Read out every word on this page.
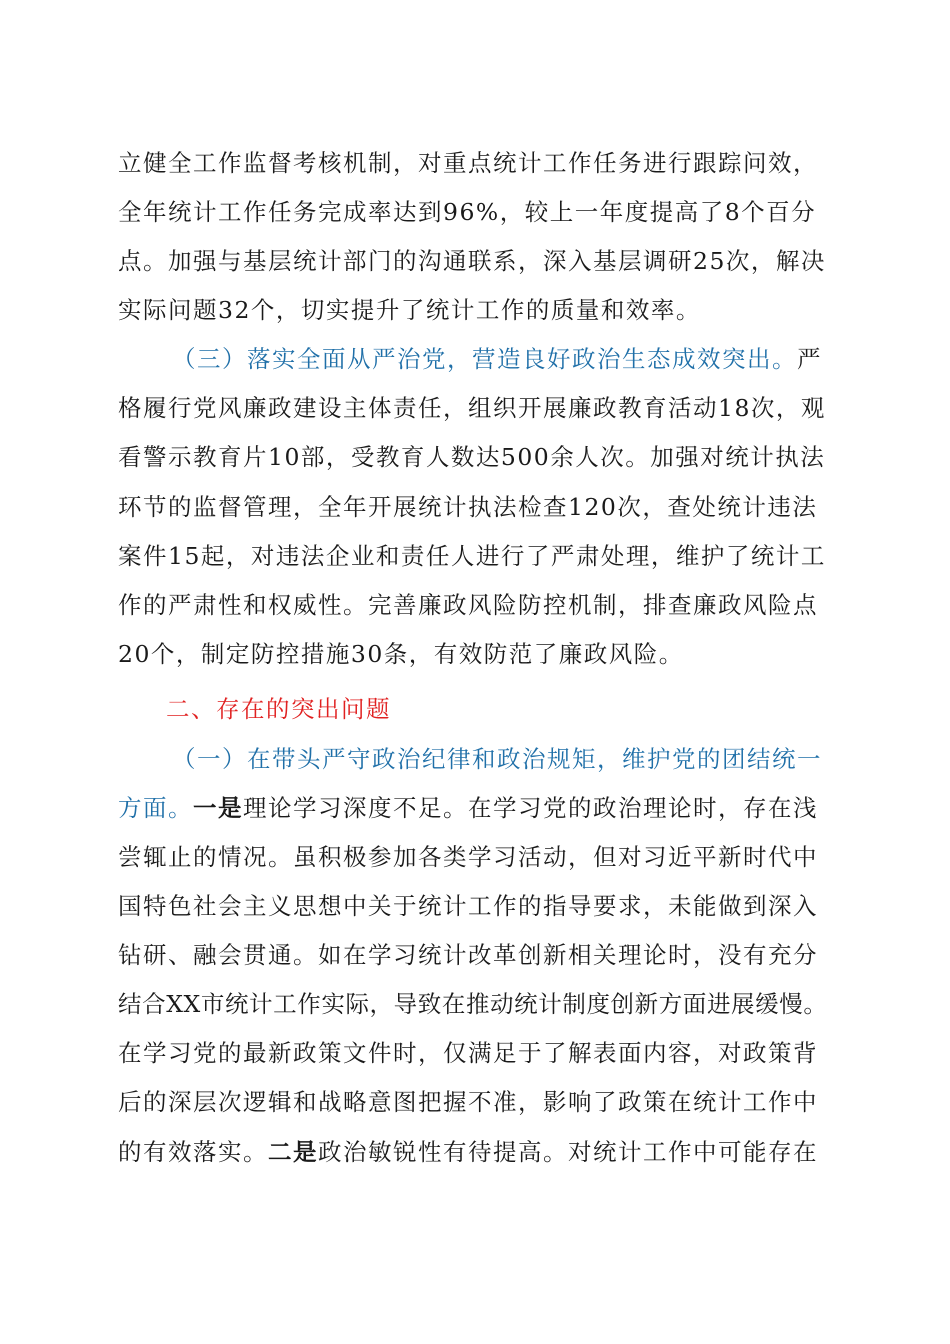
立健全工作监督考核机制，对重点统计工作任务进行跟踪问效，
全年统计工作任务完成率达到96%，较上一年度提高了8个百分
点。加强与基层统计部门的沟通联系，深入基层调研25次，解决
实际问题32个，切实提升了统计工作的质量和效率。
（三）落实全面从严治党，营造良好政治生态成效突出。严
格履行党风廉政建设主体责任，组织开展廉政教育活动18次，观
看警示教育片10部，受教育人数达500余人次。加强对统计执法
环节的监督管理，全年开展统计执法检查120次，查处统计违法
案件15起，对违法企业和责任人进行了严肃处理，维护了统计工
作的严肃性和权威性。完善廉政风险防控机制，排查廉政风险点
20个，制定防控措施30条，有效防范了廉政风险。
二、存在的突出问题
（一）在带头严守政治纪律和政治规矩，维护党的团结统一
方面。一是理论学习深度不足。在学习党的政治理论时，存在浅
尝辄止的情况。虽积极参加各类学习活动，但对习近平新时代中
国特色社会主义思想中关于统计工作的指导要求，未能做到深入
钻研、融会贯通。如在学习统计改革创新相关理论时，没有充分
结合XX市统计工作实际，导致在推动统计制度创新方面进展缓慢。
在学习党的最新政策文件时，仅满足于了解表面内容，对政策背
后的深层次逻辑和战略意图把握不准，影响了政策在统计工作中
的有效落实。二是政治敏锐性有待提高。对统计工作中可能存在
